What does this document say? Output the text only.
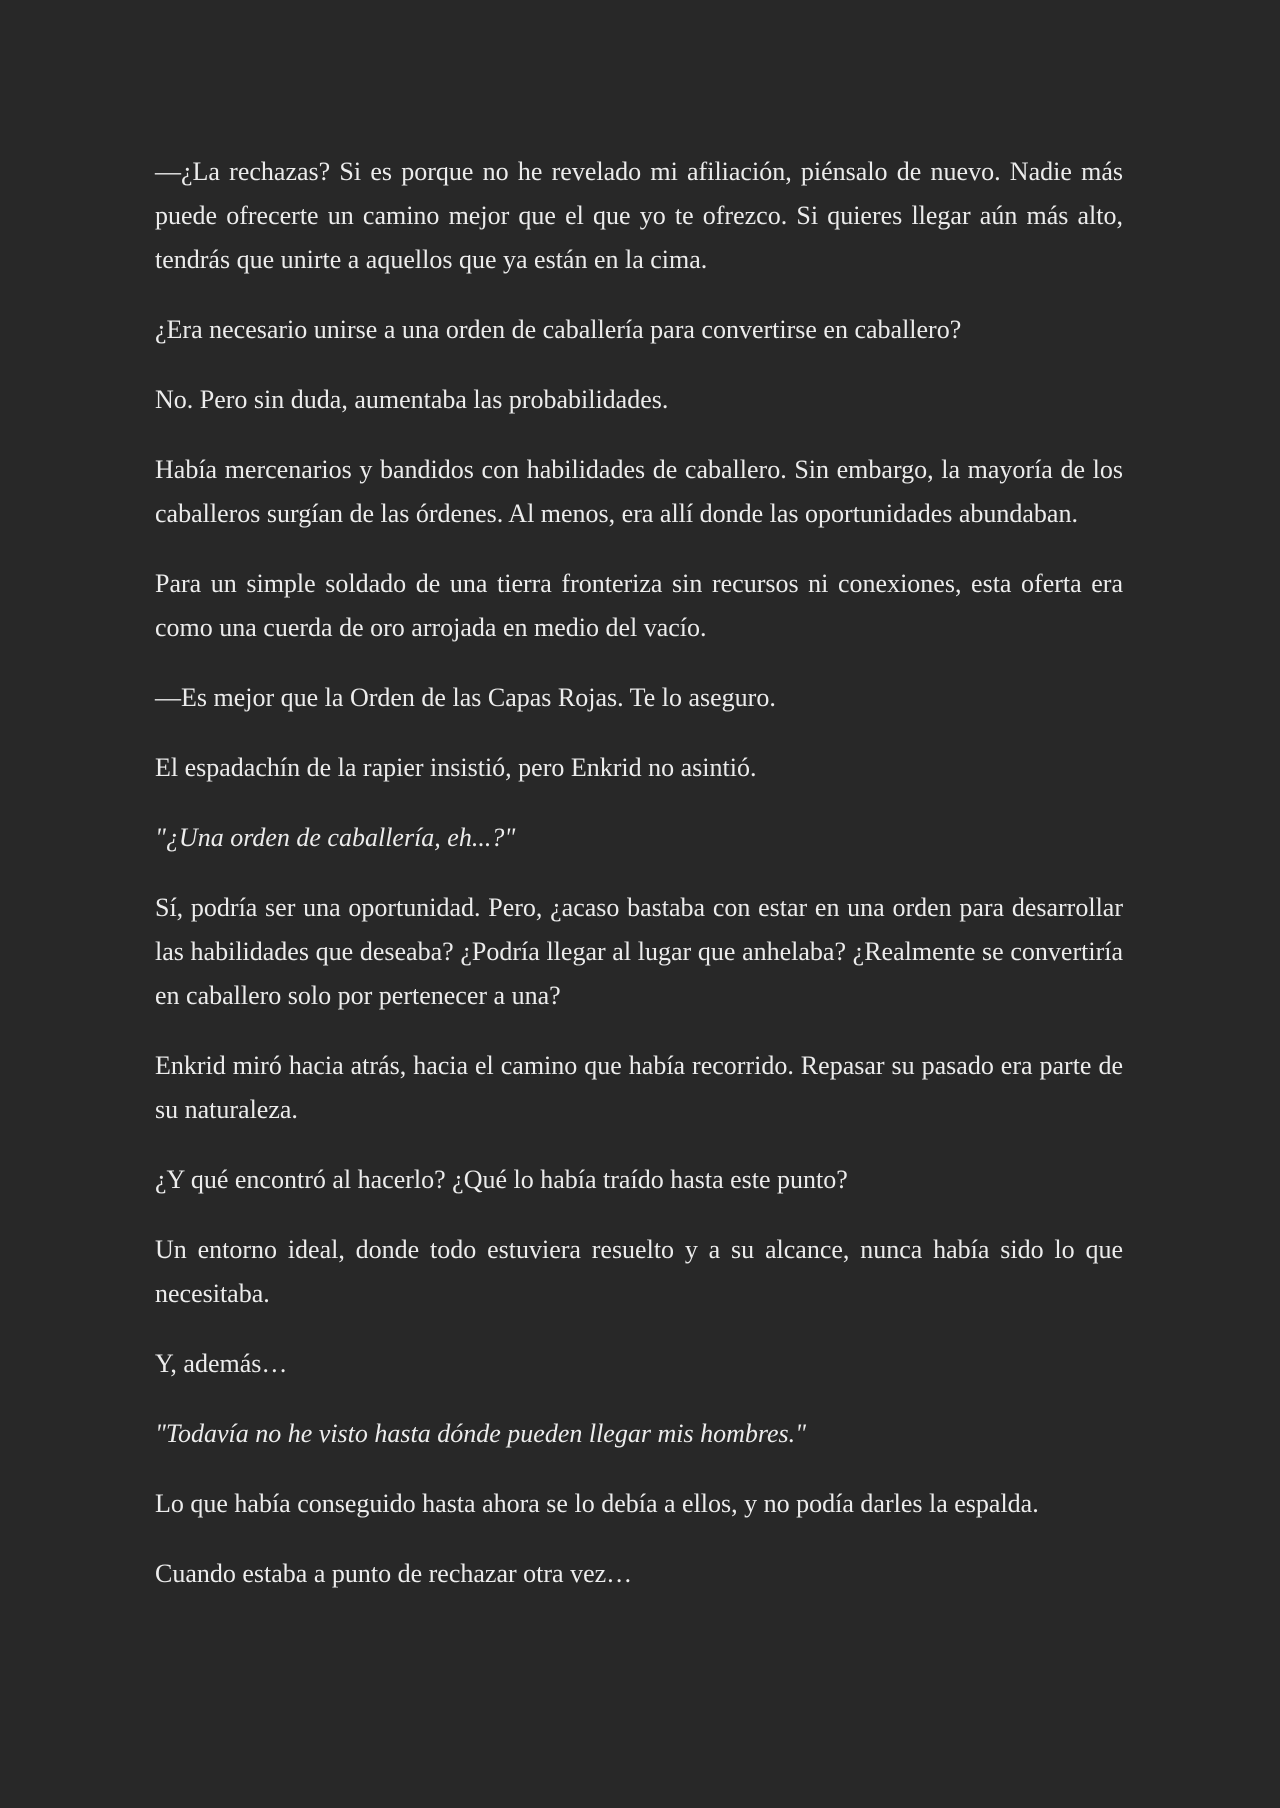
—¿La rechazas? Si es porque no he revelado mi afiliación, piénsalo de nuevo. Nadie más puede ofrecerte un camino mejor que el que yo te ofrezco. Si quieres llegar aún más alto, tendrás que unirte a aquellos que ya están en la cima.

¿Era necesario unirse a una orden de caballería para convertirse en caballero?

No. Pero sin duda, aumentaba las probabilidades.

Había mercenarios y bandidos con habilidades de caballero. Sin embargo, la mayoría de los caballeros surgían de las órdenes. Al menos, era allí donde las oportunidades abundaban.

Para un simple soldado de una tierra fronteriza sin recursos ni conexiones, esta oferta era como una cuerda de oro arrojada en medio del vacío.

—Es mejor que la Orden de las Capas Rojas. Te lo aseguro.

El espadachín de la rapier insistió, pero Enkrid no asintió.

"¿Una orden de caballería, eh...?"

Sí, podría ser una oportunidad. Pero, ¿acaso bastaba con estar en una orden para desarrollar las habilidades que deseaba? ¿Podría llegar al lugar que anhelaba? ¿Realmente se convertiría en caballero solo por pertenecer a una?

Enkrid miró hacia atrás, hacia el camino que había recorrido. Repasar su pasado era parte de su naturaleza.

¿Y qué encontró al hacerlo? ¿Qué lo había traído hasta este punto?

Un entorno ideal, donde todo estuviera resuelto y a su alcance, nunca había sido lo que necesitaba.

Y, además…

"Todavía no he visto hasta dónde pueden llegar mis hombres."

Lo que había conseguido hasta ahora se lo debía a ellos, y no podía darles la espalda.

Cuando estaba a punto de rechazar otra vez…
